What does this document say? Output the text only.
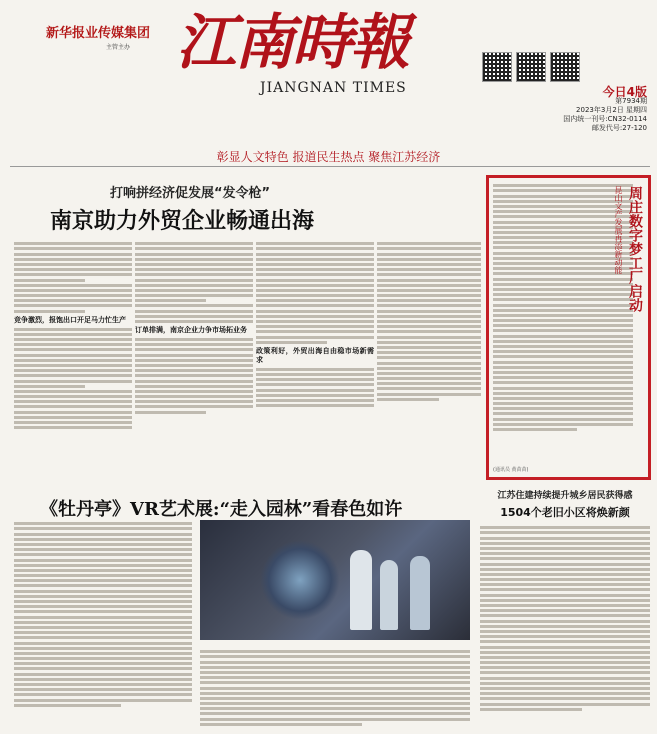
新华报业传媒集团
主管主办 江南時報
JIANGNAN TIMES	今日4版
第7934期
2023年3月2日 星期四
国内统一刊号:CN32-0114
邮发代号:27-120
彰显人文特色 报道民生热点 聚焦江苏经济
打响拼经济促发展“发令枪”
南京助力外贸企业畅通出海
竞争激烈，报饱出口开足马力忙生产
订单排满，南京企业力争市场拓业务
政策利好，外贸出海自由稳市场新需求
昆山文产发展再添新动能 周庄数字梦工厂启动
(通讯员 黄苗苗)
《牡丹亭》VR艺术展:“走入园林”看春色如许
江苏住建持续提升城乡居民获得感
1504个老旧小区将焕新颜
